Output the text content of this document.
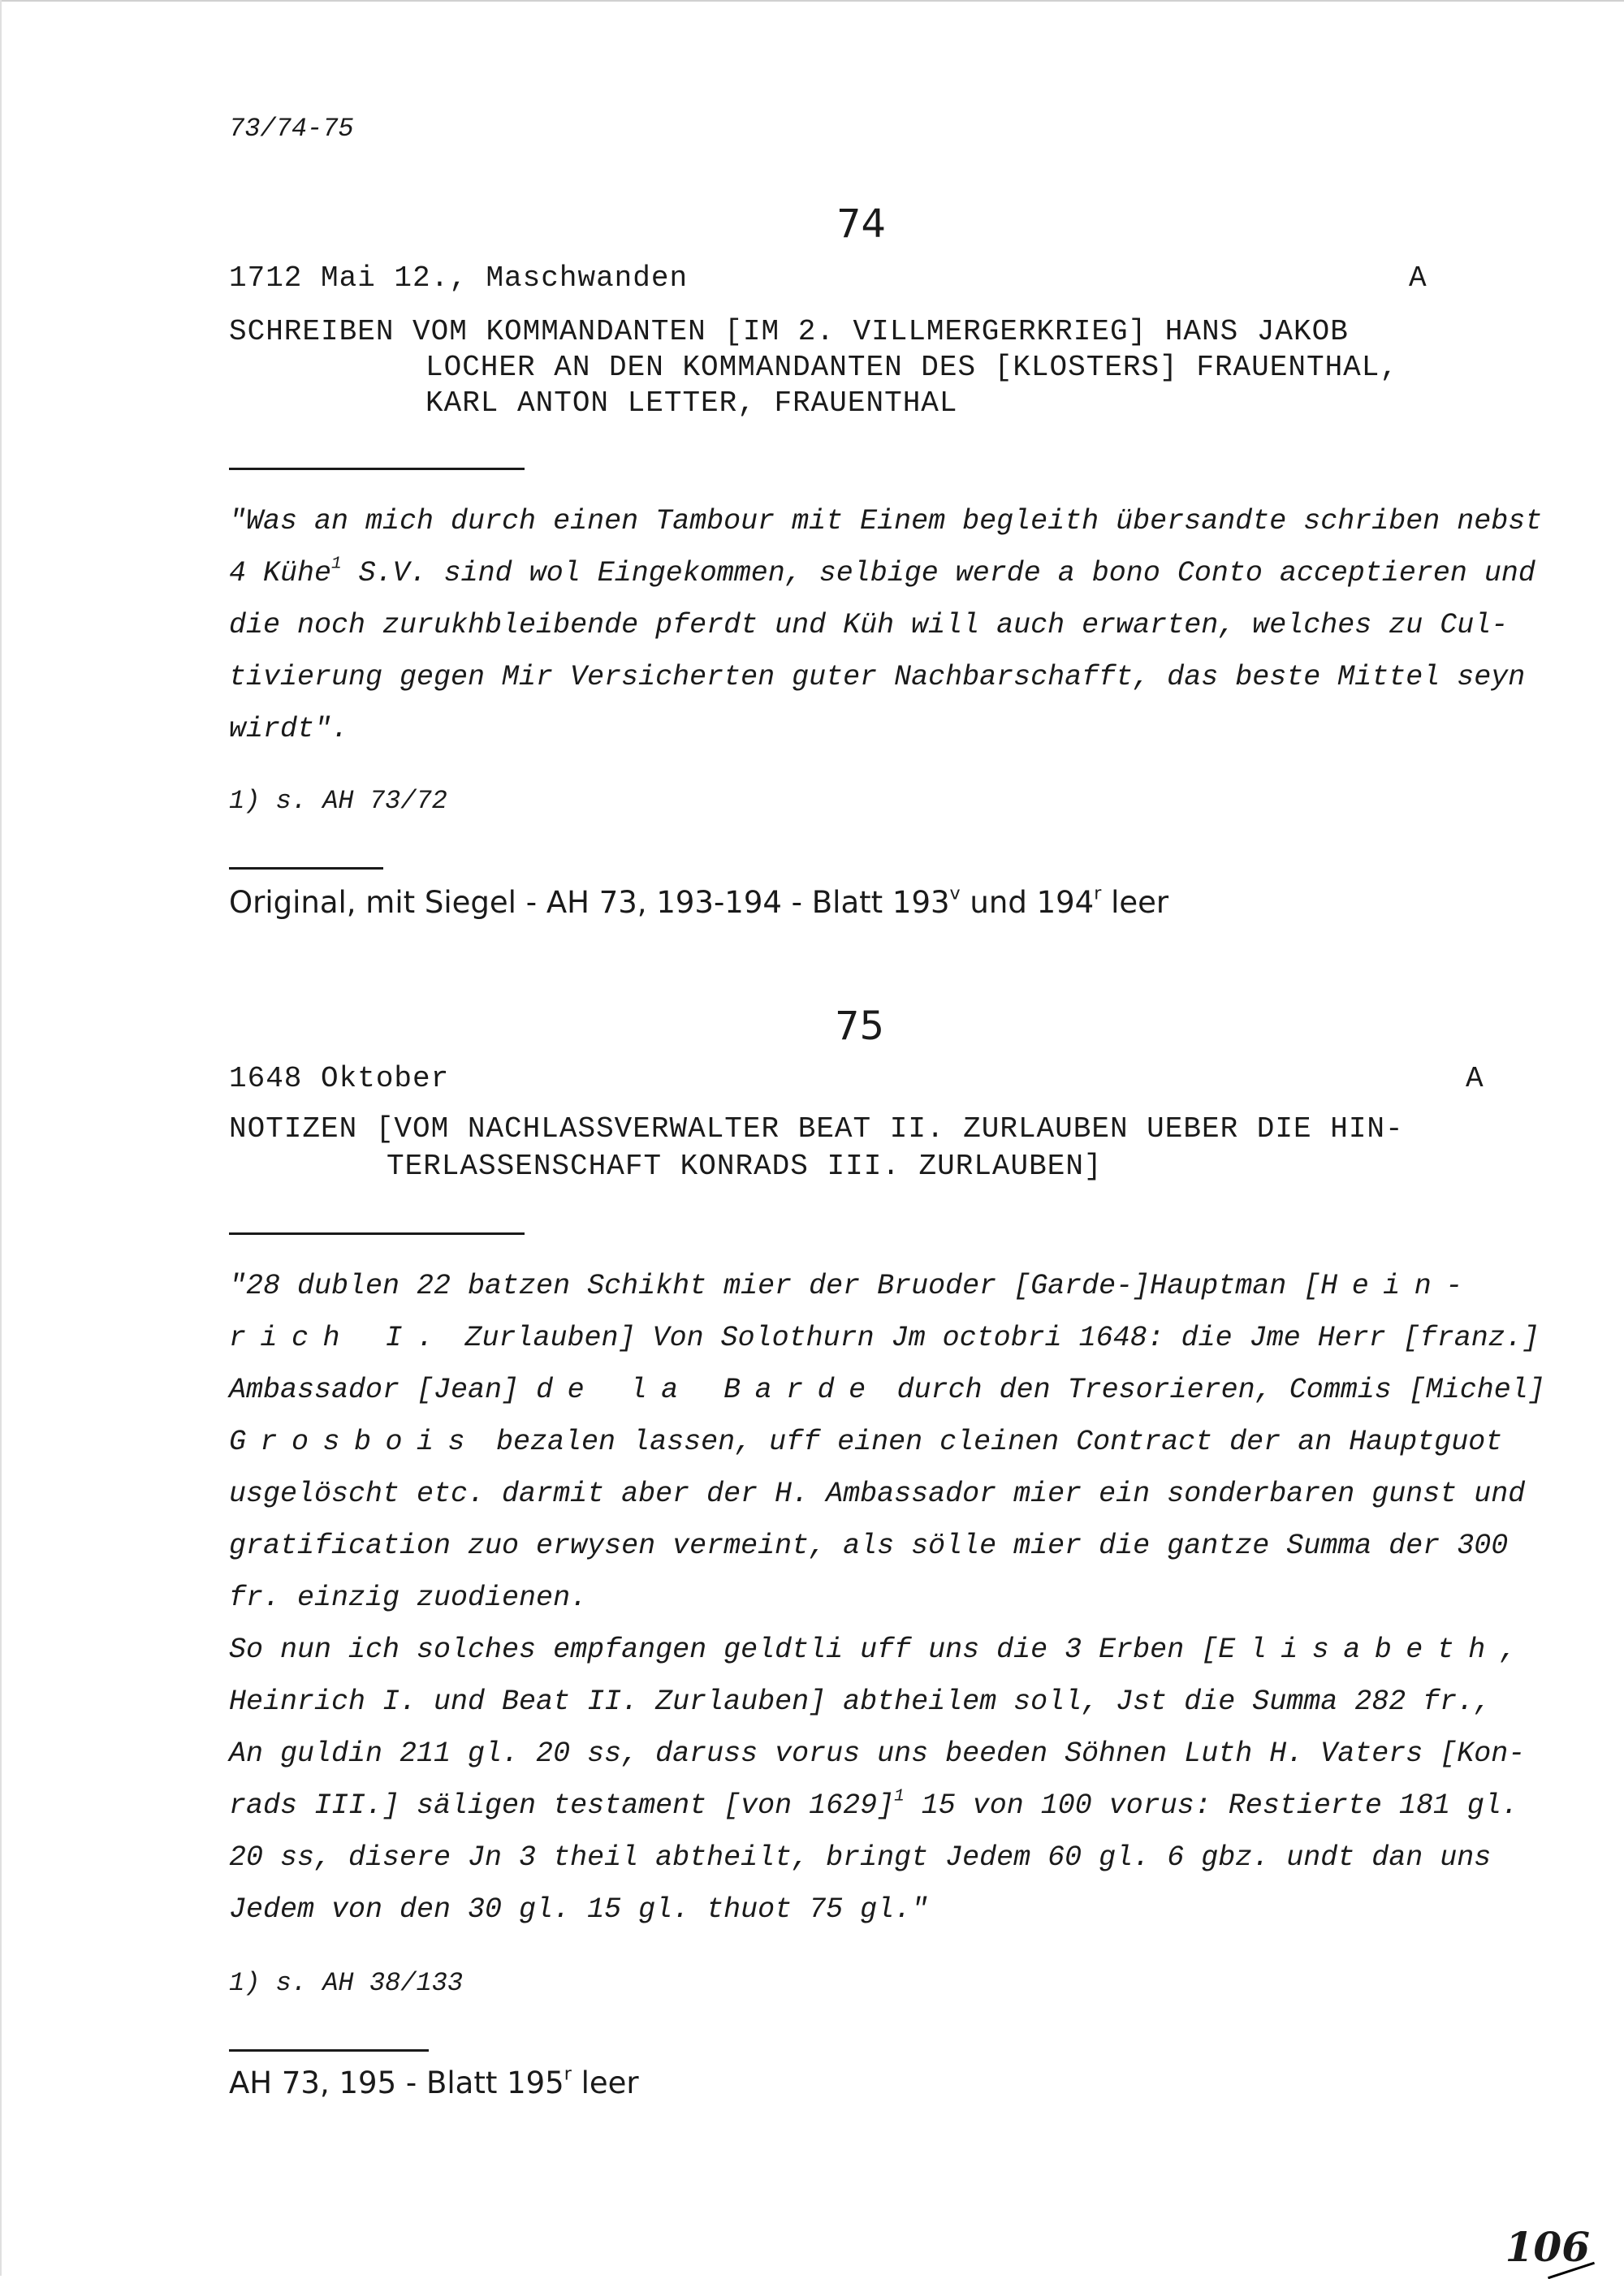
73/74-75
74
1712 Mai 12., Maschwanden	A
SCHREIBEN VOM KOMMANDANTEN [IM 2. VILLMERGERKRIEG] HANS JAKOB
LOCHER AN DEN KOMMANDANTEN DES [KLOSTERS] FRAUENTHAL,
KARL ANTON LETTER, FRAUENTHAL
"Was an mich durch einen Tambour mit Einem begleith übersandte schriben nebst
4 Kühe$^1$ S.V. sind wol Eingekommen, selbige werde a bono Conto acceptieren und
die noch zurukhbleibende pferdt und Küh will auch erwarten, welches zu Cul-
tivierung gegen Mir Versicherten guter Nachbarschafft, das beste Mittel seyn
wirdt".
1) s. AH 73/72
Original, mit Siegel - AH 73, 193-194 - Blatt 193$^v$ und 194$^r$ leer
75
1648 Oktober	A
NOTIZEN [VOM NACHLASSVERWALTER BEAT II. ZURLAUBEN UEBER DIE HIN-
TERLASSENSCHAFT KONRADS III. ZURLAUBEN]
"28 dublen 22 batzen Schikht mier der Bruoder [Garde-]Hauptman [Hein-
rich I. Zurlauben] Von Solothurn Jm octobri 1648: die Jme Herr [franz.]
Ambassador [Jean] de la Barde durch den Tresorieren, Commis [Michel]
Grosbois bezalen lassen, uff einen cleinen Contract der an Hauptguot
usgelöscht etc. darmit aber der H. Ambassador mier ein sonderbaren gunst und
gratification zuo erwysen vermeint, als sölle mier die gantze Summa der 300
fr. einzig zuodienen.
So nun ich solches empfangen geldtli uff uns die 3 Erben [Elisabeth,
Heinrich I. und Beat II. Zurlauben] abtheilem soll, Jst die Summa 282 fr.,
An guldin 211 gl. 20 ss, daruss vorus uns beeden Söhnen Luth H. Vaters [Kon-
rads III.] säligen testament [von 1629]$^1$ 15 von 100 vorus: Restierte 181 gl.
20 ss, disere Jn 3 theil abtheilt, bringt Jedem 60 gl. 6 gbz. undt dan uns
Jedem von den 30 gl. 15 gl. thuot 75 gl."
1) s. AH 38/133
AH 73, 195 - Blatt 195$^r$ leer
106
